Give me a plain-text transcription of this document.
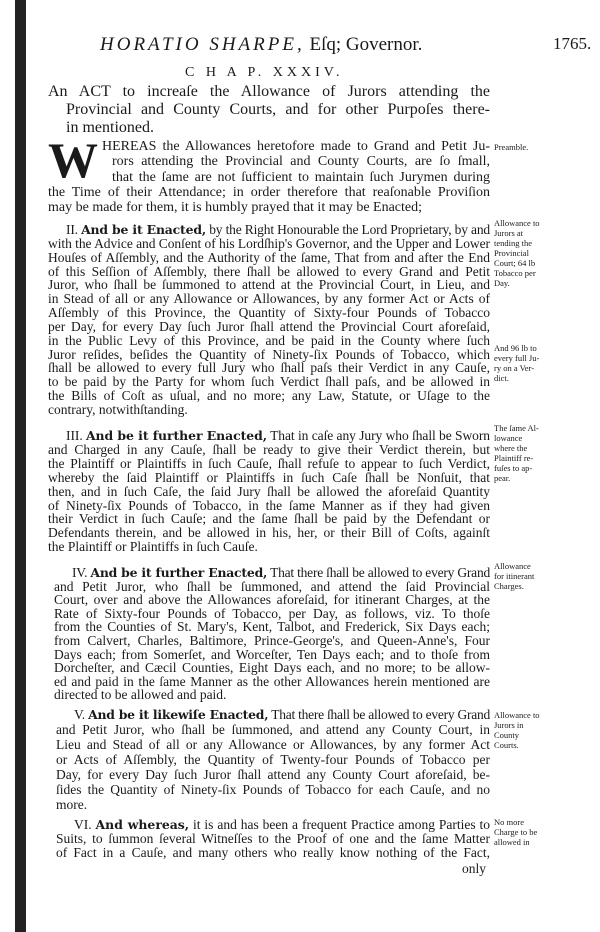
HORATIO SHARPE, Eſq; Governor.	1765.
C H A P. XXXIV.
An ACT to increaſe the Allowance of Jurors attending the
Provincial and County Courts, and for other Purpoſes there-
in mentioned.
W HEREAS the Allowances heretofore made to Grand and Petit Ju-
rors attending the Provincial and County Courts, are ſo ſmall,
that the ſame are not ſufficient to maintain ſuch Jurymen during
the Time of their Attendance; in order therefore that reaſonable Proviſion
may be made for them, it is humbly prayed that it may be Enacted;
II. And be it Enacted, by the Right Honourable the Lord Proprietary, by and
with the Advice and Conſent of his Lordſhip's Governor, and the Upper and Lower
Houſes of Aſſembly, and the Authority of the ſame, That from and after the End
of this Seſſion of Aſſembly, there ſhall be allowed to every Grand and Petit
Juror, who ſhall be ſummoned to attend at the Provincial Court, in Lieu, and
in Stead of all or any Allowance or Allowances, by any former Act or Acts of
Aſſembly of this Province, the Quantity of Sixty-four Pounds of Tobacco
per Day, for every Day ſuch Juror ſhall attend the Provincial Court aforeſaid,
in the Public Levy of this Province, and be paid in the County where ſuch
Juror reſides, beſides the Quantity of Ninety-ſix Pounds of Tobacco, which
ſhall be allowed to every full Jury who ſhall paſs their Verdict in any Cauſe,
to be paid by the Party for whom ſuch Verdict ſhall paſs, and be allowed in
the Bills of Coſt as uſual, and no more; any Law, Statute, or Uſage to the
contrary, notwithſtanding.
III. And be it further Enacted, That in caſe any Jury who ſhall be Sworn
and Charged in any Cauſe, ſhall be ready to give their Verdict therein, but
the Plaintiff or Plaintiffs in ſuch Cauſe, ſhall refuſe to appear to ſuch Verdict,
whereby the ſaid Plaintiff or Plaintiffs in ſuch Caſe ſhall be Nonſuit, that
then, and in ſuch Caſe, the ſaid Jury ſhall be allowed the aforeſaid Quantity
of Ninety-ſix Pounds of Tobacco, in the ſame Manner as if they had given
their Verdict in ſuch Cauſe; and the ſame ſhall be paid by the Defendant or
Defendants therein, and be allowed in his, her, or their Bill of Coſts, againſt
the Plaintiff or Plaintiffs in ſuch Cauſe.
IV. And be it further Enacted, That there ſhall be allowed to every Grand
and Petit Juror, who ſhall be ſummoned, and attend the ſaid Provincial
Court, over and above the Allowances aforeſaid, for itinerant Charges, at the
Rate of Sixty-four Pounds of Tobacco, per Day, as follows, viz. To thoſe
from the Counties of St. Mary's, Kent, Talbot, and Frederick, Six Days each;
from Calvert, Charles, Baltimore, Prince-George's, and Queen-Anne's, Four
Days each; from Somerſet, and Worceſter, Ten Days each; and to thoſe from
Dorcheſter, and Cæcil Counties, Eight Days each, and no more; to be allow-
ed and paid in the ſame Manner as the other Allowances herein mentioned are
directed to be allowed and paid.
V. And be it likewiſe Enacted, That there ſhall be allowed to every Grand
and Petit Juror, who ſhall be ſummoned, and attend any County Court, in
Lieu and Stead of all or any Allowance or Allowances, by any former Act
or Acts of Aſſembly, the Quantity of Twenty-four Pounds of Tobacco per
Day, for every Day ſuch Juror ſhall attend any County Court aforeſaid, be-
ſides the Quantity of Ninety-ſix Pounds of Tobacco for each Cauſe, and no
more.
VI. And whereas, it is and has been a frequent Practice among Parties to
Suits, to ſummon ſeveral Witneſſes to the Proof of one and the ſame Matter
of Fact in a Cauſe, and many others who really know nothing of the Fact,
only
Preamble.
Allowance to
Jurors at
tending the
Provincial
Court; 64 lb
Tobacco per
Day.
And 96 lb to
every full Ju-
ry on a Ver-
dict.
The ſame Al-
lowance
where the
Plaintiff re-
fuſes to ap-
pear.
Allowance
for itinerant
Charges.
Allowance to
Jurors in
County
Courts.
No more
Charge to be
allowed in
